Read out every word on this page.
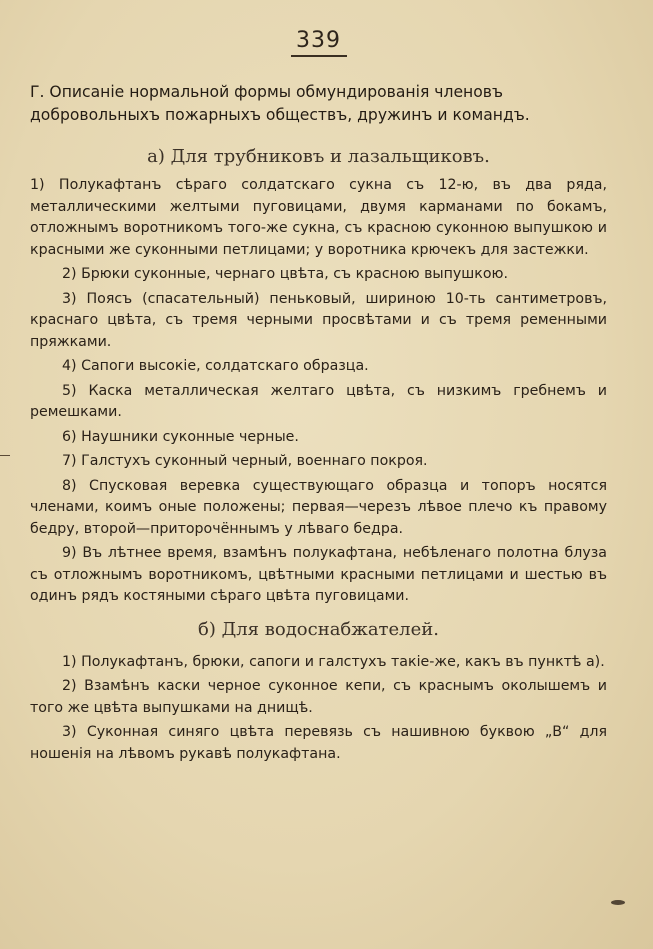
339
Г. Описаніе нормальной формы обмундированія членовъ добровольныхъ пожарныхъ обществъ, дружинъ и командъ.
а) Для трубниковъ и лазальщиковъ.
1) Полукафтанъ сѣраго солдатскаго сукна съ 12-ю, въ два ряда, металлическими желтыми пуговицами, двумя карманами по бокамъ, отложнымъ воротникомъ того-же сукна, съ красною суконною выпушкою и красными же суконными петлицами; у воротника крючекъ для застежки.
2) Брюки суконные, чернаго цвѣта, съ красною выпушкою.
3) Поясъ (спасательный) пеньковый, шириною 10-ть сантиметровъ, краснаго цвѣта, съ тремя черными просвѣтами и съ тремя ременными пряжками.
4) Сапоги высокіе, солдатскаго образца.
5) Каска металлическая желтаго цвѣта, съ низкимъ гребнемъ и ремешками.
6) Наушники суконные черные.
7) Галстухъ суконный черный, военнаго покроя.
8) Спусковая веревка существующаго образца и топоръ носятся членами, коимъ оные положены; первая—черезъ лѣвое плечо къ правому бедру, второй—приторочённымъ у лѣваго бедра.
9) Въ лѣтнее время, взамѣнъ полукафтана, небѣленаго полотна блуза съ отложнымъ воротникомъ, цвѣтными красными петлицами и шестью въ одинъ рядъ костяными сѣраго цвѣта пуговицами.
б) Для водоснабжателей.
1) Полукафтанъ, брюки, сапоги и галстухъ такіе-же, какъ въ пунктѣ а).
2) Взамѣнъ каски черное суконное кепи, съ краснымъ околышемъ и того же цвѣта выпушками на днищѣ.
3) Суконная синяго цвѣта перевязь съ нашивною буквою „В“ для ношенія на лѣвомъ рукавѣ полукафтана.
